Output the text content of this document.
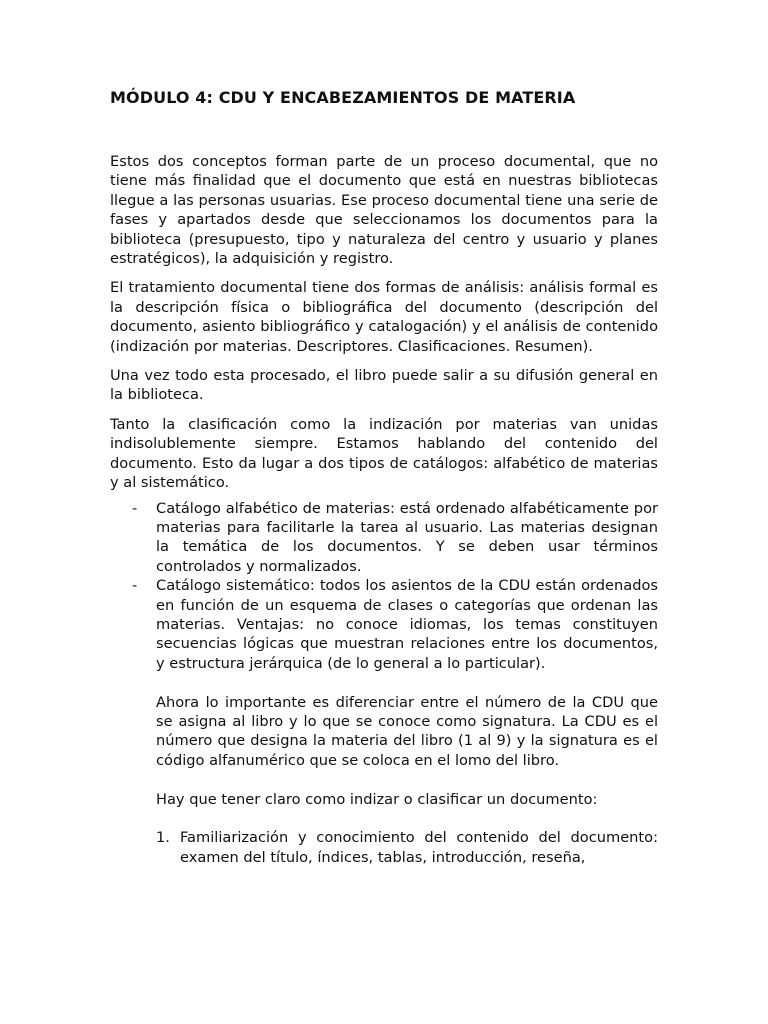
MÓDULO 4: CDU Y ENCABEZAMIENTOS DE MATERIA

Estos dos conceptos forman parte de un proceso documental, que no tiene más finalidad que el documento que está en nuestras bibliotecas llegue a las personas usuarias. Ese proceso documental tiene una serie de fases y apartados desde que seleccionamos los documentos para la biblioteca (presupuesto, tipo y naturaleza del centro y usuario y planes estratégicos), la adquisición y registro.

El tratamiento documental tiene dos formas de análisis: análisis formal es la descripción física o bibliográfica del documento (descripción del documento, asiento bibliográfico y catalogación) y el análisis de contenido (indización por materias. Descriptores. Clasificaciones. Resumen).

Una vez todo esta procesado, el libro puede salir a su difusión general en la biblioteca.

Tanto la clasificación como la indización por materias van unidas indisolublemente siempre. Estamos hablando del contenido del documento. Esto da lugar a dos tipos de catálogos: alfabético de materias y al sistemático.

- Catálogo alfabético de materias: está ordenado alfabéticamente por materias para facilitarle la tarea al usuario. Las materias designan la temática de los documentos. Y se deben usar términos controlados y normalizados.
- Catálogo sistemático: todos los asientos de la CDU están ordenados en función de un esquema de clases o categorías que ordenan las materias. Ventajas: no conoce idiomas, los temas constituyen secuencias lógicas que muestran relaciones entre los documentos, y estructura jerárquica (de lo general a lo particular).
Ahora lo importante es diferenciar entre el número de la CDU que se asigna al libro y lo que se conoce como signatura. La CDU es el número que designa la materia del libro (1 al 9) y la signatura es el código alfanumérico que se coloca en el lomo del libro.
Hay que tener claro como indizar o clasificar un documento:
1. Familiarización y conocimiento del contenido del documento: examen del título, índices, tablas, introducción, reseña,
